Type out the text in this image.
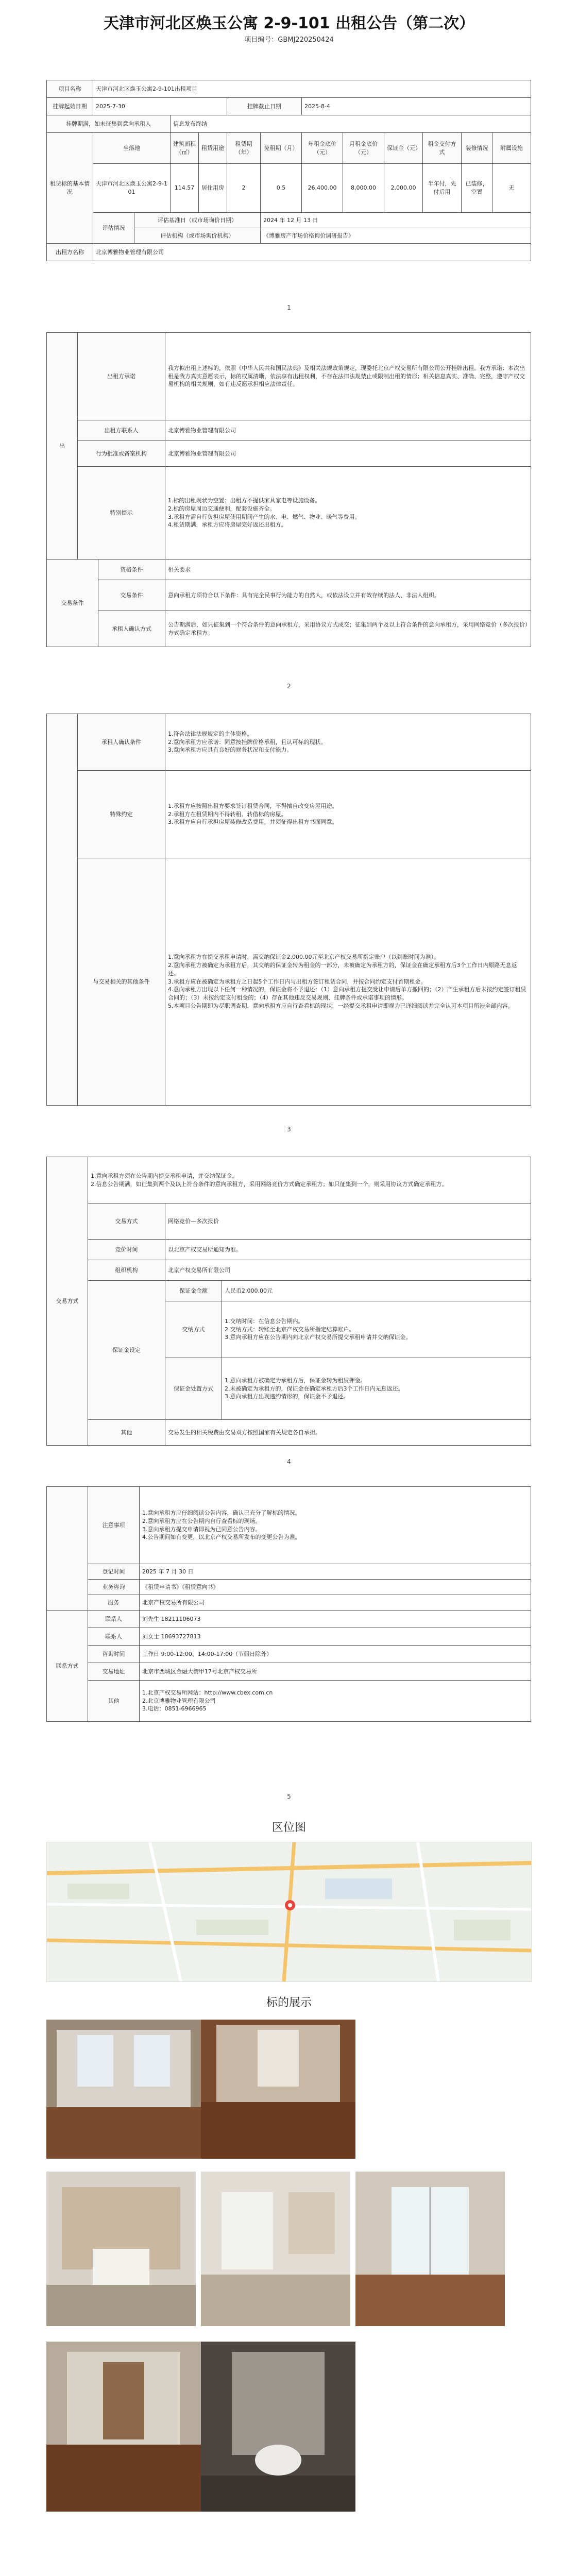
天津市河北区焕玉公寓 2-9-101 出租公告（第二次）
项目编号：GBMJ220250424
项目名称	天津市河北区焕玉公寓2-9-101出租项目											
挂牌起始日期	2025-7-30				挂牌截止日期		2025-8-4					
挂牌期满，如未征集到意向承租人			信息发布终结									
租赁标的基本情况	坐落地		建筑面积（㎡）	租赁用途	租赁期（年）	免租期（月）	年租金底价（元）	月租金底价（元）	保证金（元）	租金交付方式	装修情况	附属设施
	天津市河北区焕玉公寓2-9-101		114.57	居住用房	2	0.5	26,400.00	8,000.00	2,000.00	半年付，先付后用	已装修，空置	无
	评估情况	评估基准日（或市场询价日期）				2024 年 12 月 13 日						
		评估机构（或市场询价机构）				《博雅房产市场价格询价调研报告》						
出租方名称	北京博雅物业管理有限公司											
1
出	出租方承诺		我方拟出租上述标的，依照《中华人民共和国民法典》及相关法规政策规定，现委托北京产权交易所有限公司公开挂牌出租。我方承诺：本次出租是我方真实意愿表示，标的权属清晰，依法享有出租权利，不存在法律法规禁止或限制出租的情形；相关信息真实、准确、完整，遵守产权交易机构的相关规则，如有违反愿承担相应法律责任。
	出租方联系人		北京博雅物业管理有限公司
	行为批准或备案机构		北京博雅物业管理有限公司
	特别提示		1.标的出租现状为空置；出租方不提供家具家电等设施设备。
2.标的房屋周边交通便利，配套设施齐全。
3.承租方需自行负担房屋使用期间产生的水、电、燃气、物业、暖气等费用。
4.租赁期满，承租方应将房屋完好返还出租方。

交易条件		资格条件	相关要求
		交易条件	意向承租方须符合以下条件：具有完全民事行为能力的自然人，或依法设立并有效存续的法人、非法人组织。
		承租人确认方式	公告期满后，如只征集到一个符合条件的意向承租方，采用协议方式成交；征集到两个及以上符合条件的意向承租方，采用网络竞价（多次报价）方式确定承租方。
2
	承租人确认条件	1.符合法律法规规定的主体资格。
2.意向承租方应承诺：同意按挂牌价格承租，且认可标的现状。
3.意向承租方应具有良好的财务状况和支付能力。
	特殊约定	1.承租方应按照出租方要求签订租赁合同，不得擅自改变房屋用途。
2.承租方在租赁期内不得转租、转借标的房屋。
3.承租方应自行承担房屋装修改造费用，并须征得出租方书面同意。
	与交易相关的其他条件	1.意向承租方在提交承租申请时，需交纳保证金2,000.00元至北京产权交易所指定账户（以到账时间为准）。
2.意向承租方被确定为承租方后，其交纳的保证金转为租金的一部分，未被确定为承租方的，保证金在确定承租方后3个工作日内原路无息返还。
3.承租方应在被确定为承租方之日起5个工作日内与出租方签订租赁合同，并按合同约定支付首期租金。
4.意向承租方出现以下任何一种情况的，保证金将不予退还：（1）意向承租方提交受让申请后单方撤回的；（2）产生承租方后未按约定签订租赁合同的；（3）未按约定支付租金的；（4）存在其他违反交易规则、挂牌条件或承诺事项的情形。
5.本项目公告期即为尽职调查期，意向承租方应自行查看标的现状，一经提交承租申请即视为已详细阅读并完全认可本项目所涉全部内容。
3
交易方式	1.意向承租方须在公告期内提交承租申请，并交纳保证金。
2.信息公告期满，如征集到两个及以上符合条件的意向承租方，采用网络竞价方式确定承租方；如只征集到一个，则采用协议方式确定承租方。		
	交易方式	网络竞价—多次报价	
	竞价时间	以北京产权交易所通知为准。	
	组织机构	北京产权交易所有限公司	
	保证金设定	保证金金额	人民币2,000.00元
		交纳方式	1.交纳时间：在信息公告期内。
2.交纳方式：转账至北京产权交易所指定结算账户。
3.意向承租方应在公告期内向北京产权交易所提交承租申请并交纳保证金。
		保证金处置方式	1.意向承租方被确定为承租方后，保证金转为租赁押金。
2.未被确定为承租方的，保证金在确定承租方后3个工作日内无息返还。
3.意向承租方出现违约情形的，保证金不予退还。
	其他	交易发生的相关税费由交易双方按照国家有关规定各自承担。	
4
	注意事项	1.意向承租方应仔细阅读公告内容，确认已充分了解标的情况。
2.意向承租方应在公告期内自行查看标的现场。
3.意向承租方提交申请即视为已同意公告内容。
4.公告期间如有变更，以北京产权交易所发布的变更公告为准。
	登记时间	2025 年 7 月 30 日
	业务咨询	《租赁申请书》《租赁意向书》
	服务	北京产权交易所有限公司
联系方式	联系人	刘先生 18211106073
	联系人	刘女士 18693727813
	咨询时间	工作日 9:00-12:00、14:00-17:00（节假日除外）
	交易地址	北京市西城区金融大街甲17号北京产权交易所
	其他	1.北京产权交易所网站：http://www.cbex.com.cn
2.北京博雅物业管理有限公司
3.电话：0851-6966965
5
区位图
标的展示
